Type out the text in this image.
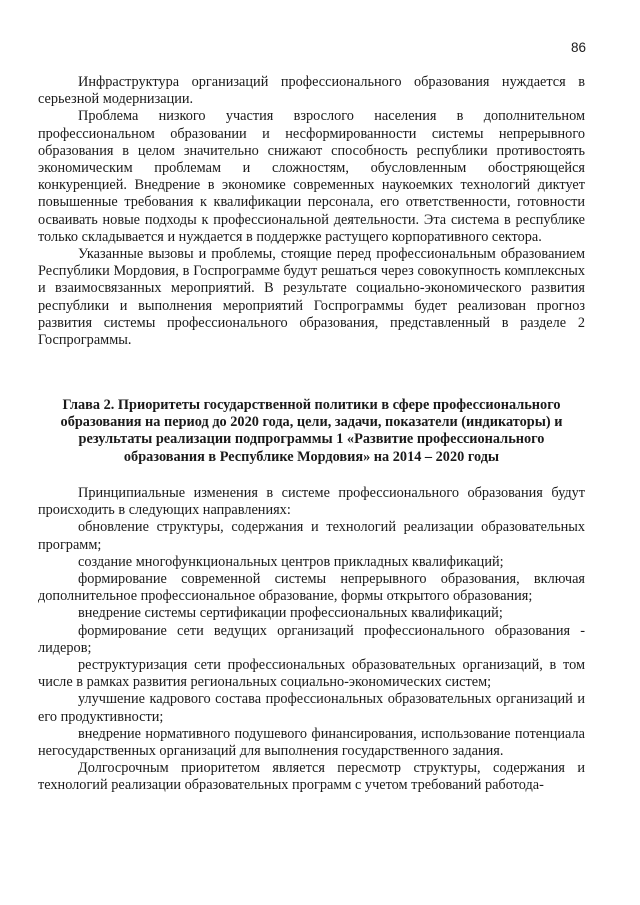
86

Инфраструктура организаций профессионального образования нуждается в серьезной модернизации.

Проблема низкого участия взрослого населения в дополнительном профессиональном образовании и несформированности системы непрерывного образования в целом значительно снижают способность республики противостоять экономическим проблемам и сложностям, обусловленным обостряющейся конкуренцией. Внедрение в экономике современных наукоемких технологий диктует повышенные требования к квалификации персонала, его ответственности, готовности осваивать новые подходы к профессиональной деятельности. Эта система в республике только складывается и нуждается в поддержке растущего корпоративного сектора.

Указанные вызовы и проблемы, стоящие перед профессиональным образованием Республики Мордовия, в Госпрограмме будут решаться через совокупность комплексных и взаимосвязанных мероприятий. В результате социально-экономического развития республики и выполнения мероприятий Госпрограммы будет реализован прогноз развития системы профессионального образования, представленный в разделе 2 Госпрограммы.

Глава 2. Приоритеты государственной политики в сфере профессионального образования на период до 2020 года, цели, задачи, показатели (индикаторы) и результаты реализации подпрограммы 1 «Развитие профессионального образования в Республике Мордовия» на 2014 – 2020 годы

Принципиальные изменения в системе профессионального образования будут происходить в следующих направлениях:

обновление структуры, содержания и технологий реализации образовательных программ;

создание многофункциональных центров прикладных квалификаций;

формирование современной системы непрерывного образования, включая дополнительное профессиональное образование, формы открытого образования;

внедрение системы сертификации профессиональных квалификаций;

формирование сети ведущих организаций профессионального образования - лидеров;

реструктуризация сети профессиональных образовательных организаций, в том числе в рамках развития региональных социально-экономических систем;

улучшение кадрового состава профессиональных образовательных организаций и его продуктивности;

внедрение нормативного подушевого финансирования, использование потенциала негосударственных организаций для выполнения государственного задания.

Долгосрочным приоритетом является пересмотр структуры, содержания и технологий реализации образовательных программ с учетом требований работода-
